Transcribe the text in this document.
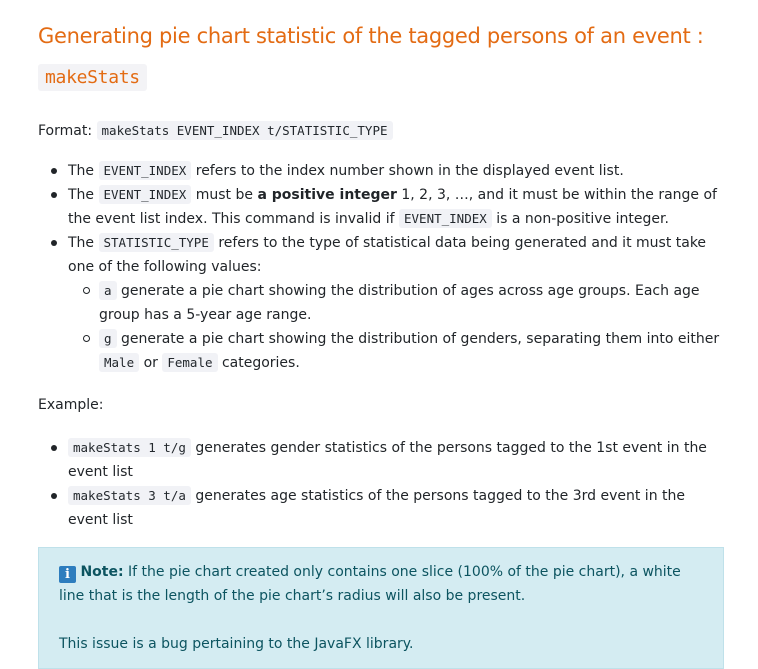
Generating pie chart statistic of the tagged persons of an event :
makeStats

Format: makeStats EVENT_INDEX t/STATISTIC_TYPE

The EVENT_INDEX refers to the index number shown in the displayed event list.
The EVENT_INDEX must be a positive integer 1, 2, 3, …, and it must be within the range of the event list index. This command is invalid if EVENT_INDEX is a non-positive integer.
The STATISTIC_TYPE refers to the type of statistical data being generated and it must take one of the following values:
a generate a pie chart showing the distribution of ages across age groups. Each age group has a 5-year age range.
g generate a pie chart showing the distribution of genders, separating them into either Male or Female categories.

Example:

makeStats 1 t/g generates gender statistics of the persons tagged to the 1st event in the event list
makeStats 3 t/a generates age statistics of the persons tagged to the 3rd event in the event list

i Note: If the pie chart created only contains one slice (100% of the pie chart), a white line that is the length of the pie chart’s radius will also be present.

This issue is a bug pertaining to the JavaFX library.
